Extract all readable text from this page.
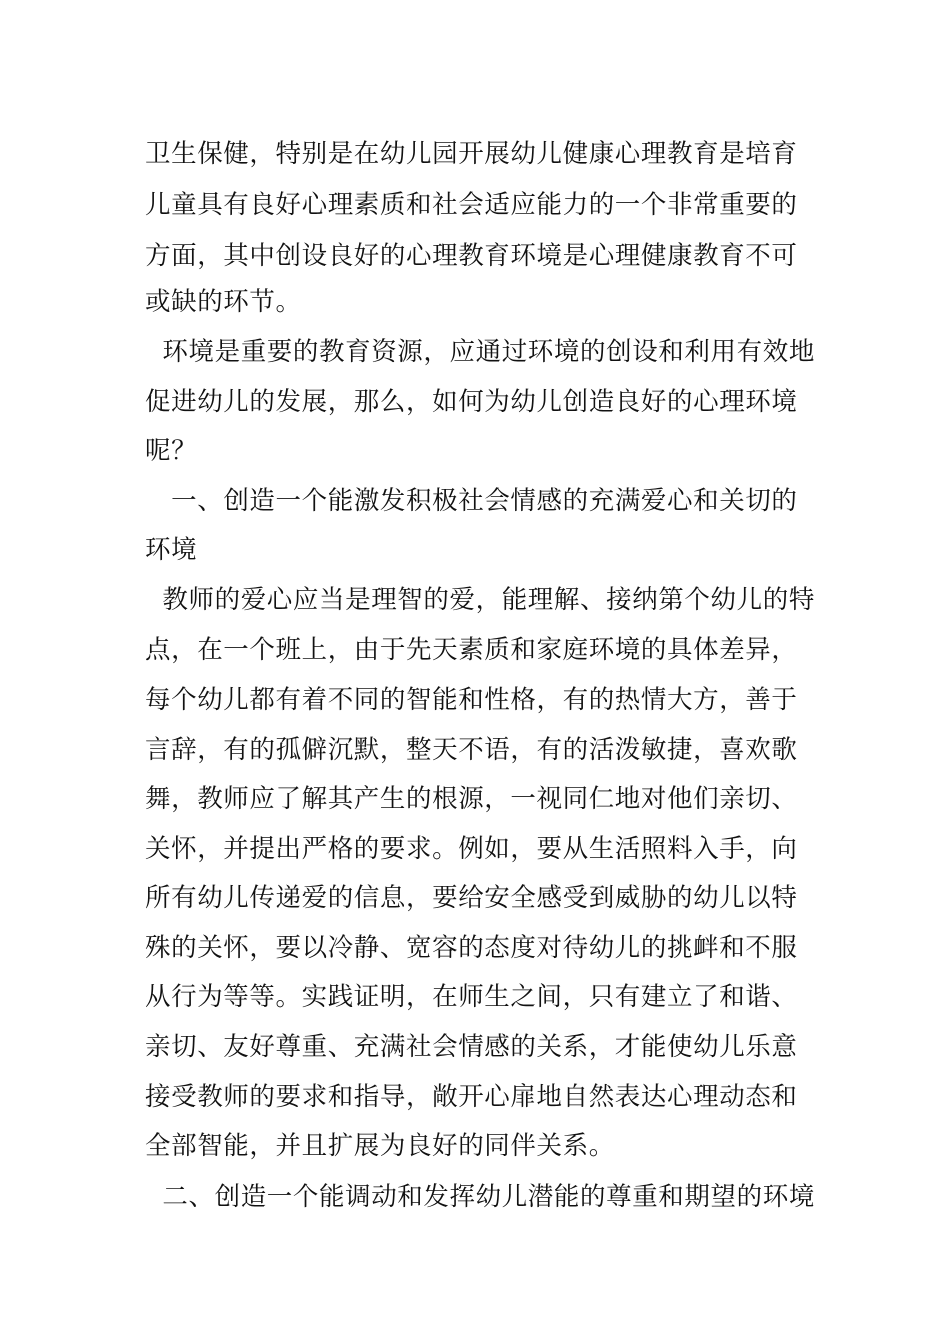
卫生保健，特别是在幼儿园开展幼儿健康心理教育是培育
儿童具有良好心理素质和社会适应能力的一个非常重要的
方面，其中创设良好的心理教育环境是心理健康教育不可
或缺的环节。
环境是重要的教育资源，应通过环境的创设和利用有效地
促进幼儿的发展，那么，如何为幼儿创造良好的心理环境
呢？
一、创造一个能激发积极社会情感的充满爱心和关切的
环境
教师的爱心应当是理智的爱，能理解、接纳第个幼儿的特
点，在一个班上，由于先天素质和家庭环境的具体差异，
每个幼儿都有着不同的智能和性格，有的热情大方，善于
言辞，有的孤僻沉默，整天不语，有的活泼敏捷，喜欢歌
舞，教师应了解其产生的根源，一视同仁地对他们亲切、
关怀，并提出严格的要求。例如，要从生活照料入手，向
所有幼儿传递爱的信息，要给安全感受到威胁的幼儿以特
殊的关怀，要以冷静、宽容的态度对待幼儿的挑衅和不服
从行为等等。实践证明，在师生之间，只有建立了和谐、
亲切、友好尊重、充满社会情感的关系，才能使幼儿乐意
接受教师的要求和指导，敞开心扉地自然表达心理动态和
全部智能，并且扩展为良好的同伴关系。
二、创造一个能调动和发挥幼儿潜能的尊重和期望的环境
